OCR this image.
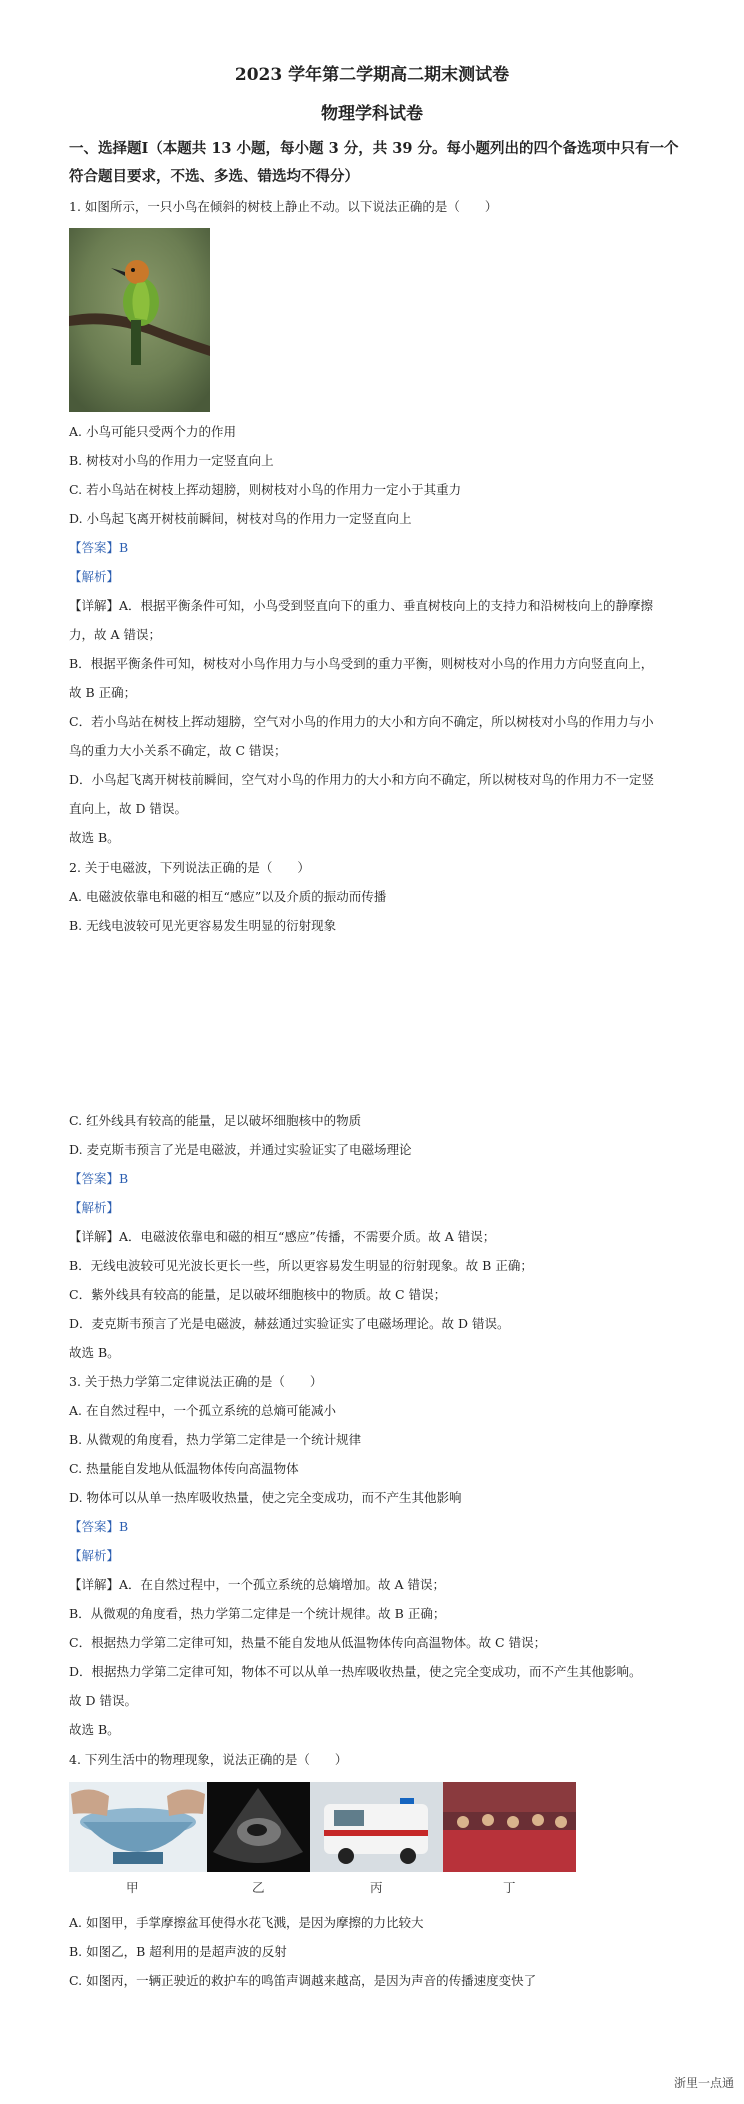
2023 学年第二学期高二期末测试卷
物理学科试卷
一、选择题Ⅰ（本题共 13 小题，每小题 3 分，共 39 分。每小题列出的四个备选项中只有一个
符合题目要求，不选、多选、错选均不得分）
1. 如图所示，一只小鸟在倾斜的树枝上静止不动。以下说法正确的是（　　）
A. 小鸟可能只受两个力的作用
B. 树枝对小鸟的作用力一定竖直向上
C. 若小鸟站在树枝上挥动翅膀，则树枝对小鸟的作用力一定小于其重力
D. 小鸟起飞离开树枝前瞬间，树枝对鸟的作用力一定竖直向上
【答案】B
【解析】
【详解】A．根据平衡条件可知，小鸟受到竖直向下的重力、垂直树枝向上的支持力和沿树枝向上的静摩擦
力，故 A 错误；
B．根据平衡条件可知，树枝对小鸟作用力与小鸟受到的重力平衡，则树枝对小鸟的作用力方向竖直向上，
故 B 正确；
C．若小鸟站在树枝上挥动翅膀，空气对小鸟的作用力的大小和方向不确定，所以树枝对小鸟的作用力与小
鸟的重力大小关系不确定，故 C 错误；
D．小鸟起飞离开树枝前瞬间，空气对小鸟的作用力的大小和方向不确定，所以树枝对鸟的作用力不一定竖
直向上，故 D 错误。
故选 B。
2. 关于电磁波，下列说法正确的是（　　）
A. 电磁波依靠电和磁的相互“感应”以及介质的振动而传播
B. 无线电波较可见光更容易发生明显的衍射现象
C. 红外线具有较高的能量，足以破坏细胞核中的物质
D. 麦克斯韦预言了光是电磁波，并通过实验证实了电磁场理论
【答案】B
【解析】
【详解】A．电磁波依靠电和磁的相互“感应”传播，不需要介质。故 A 错误；
B．无线电波较可见光波长更长一些，所以更容易发生明显的衍射现象。故 B 正确；
C．紫外线具有较高的能量，足以破坏细胞核中的物质。故 C 错误；
D．麦克斯韦预言了光是电磁波，赫兹通过实验证实了电磁场理论。故 D 错误。
故选 B。
3. 关于热力学第二定律说法正确的是（　　）
A. 在自然过程中，一个孤立系统的总熵可能减小
B. 从微观的角度看，热力学第二定律是一个统计规律
C. 热量能自发地从低温物体传向高温物体
D. 物体可以从单一热库吸收热量，使之完全变成功，而不产生其他影响
【答案】B
【解析】
【详解】A．在自然过程中，一个孤立系统的总熵增加。故 A 错误；
B．从微观的角度看，热力学第二定律是一个统计规律。故 B 正确；
C．根据热力学第二定律可知，热量不能自发地从低温物体传向高温物体。故 C 错误；
D．根据热力学第二定律可知，物体不可以从单一热库吸收热量，使之完全变成功，而不产生其他影响。
故 D 错误。
故选 B。
4. 下列生活中的物理现象，说法正确的是（　　）
甲	乙	丙	丁
A. 如图甲，手掌摩擦盆耳使得水花飞溅，是因为摩擦的力比较大
B. 如图乙，B 超利用的是超声波的反射
C. 如图丙，一辆正驶近的救护车的鸣笛声调越来越高，是因为声音的传播速度变快了
浙里一点通
